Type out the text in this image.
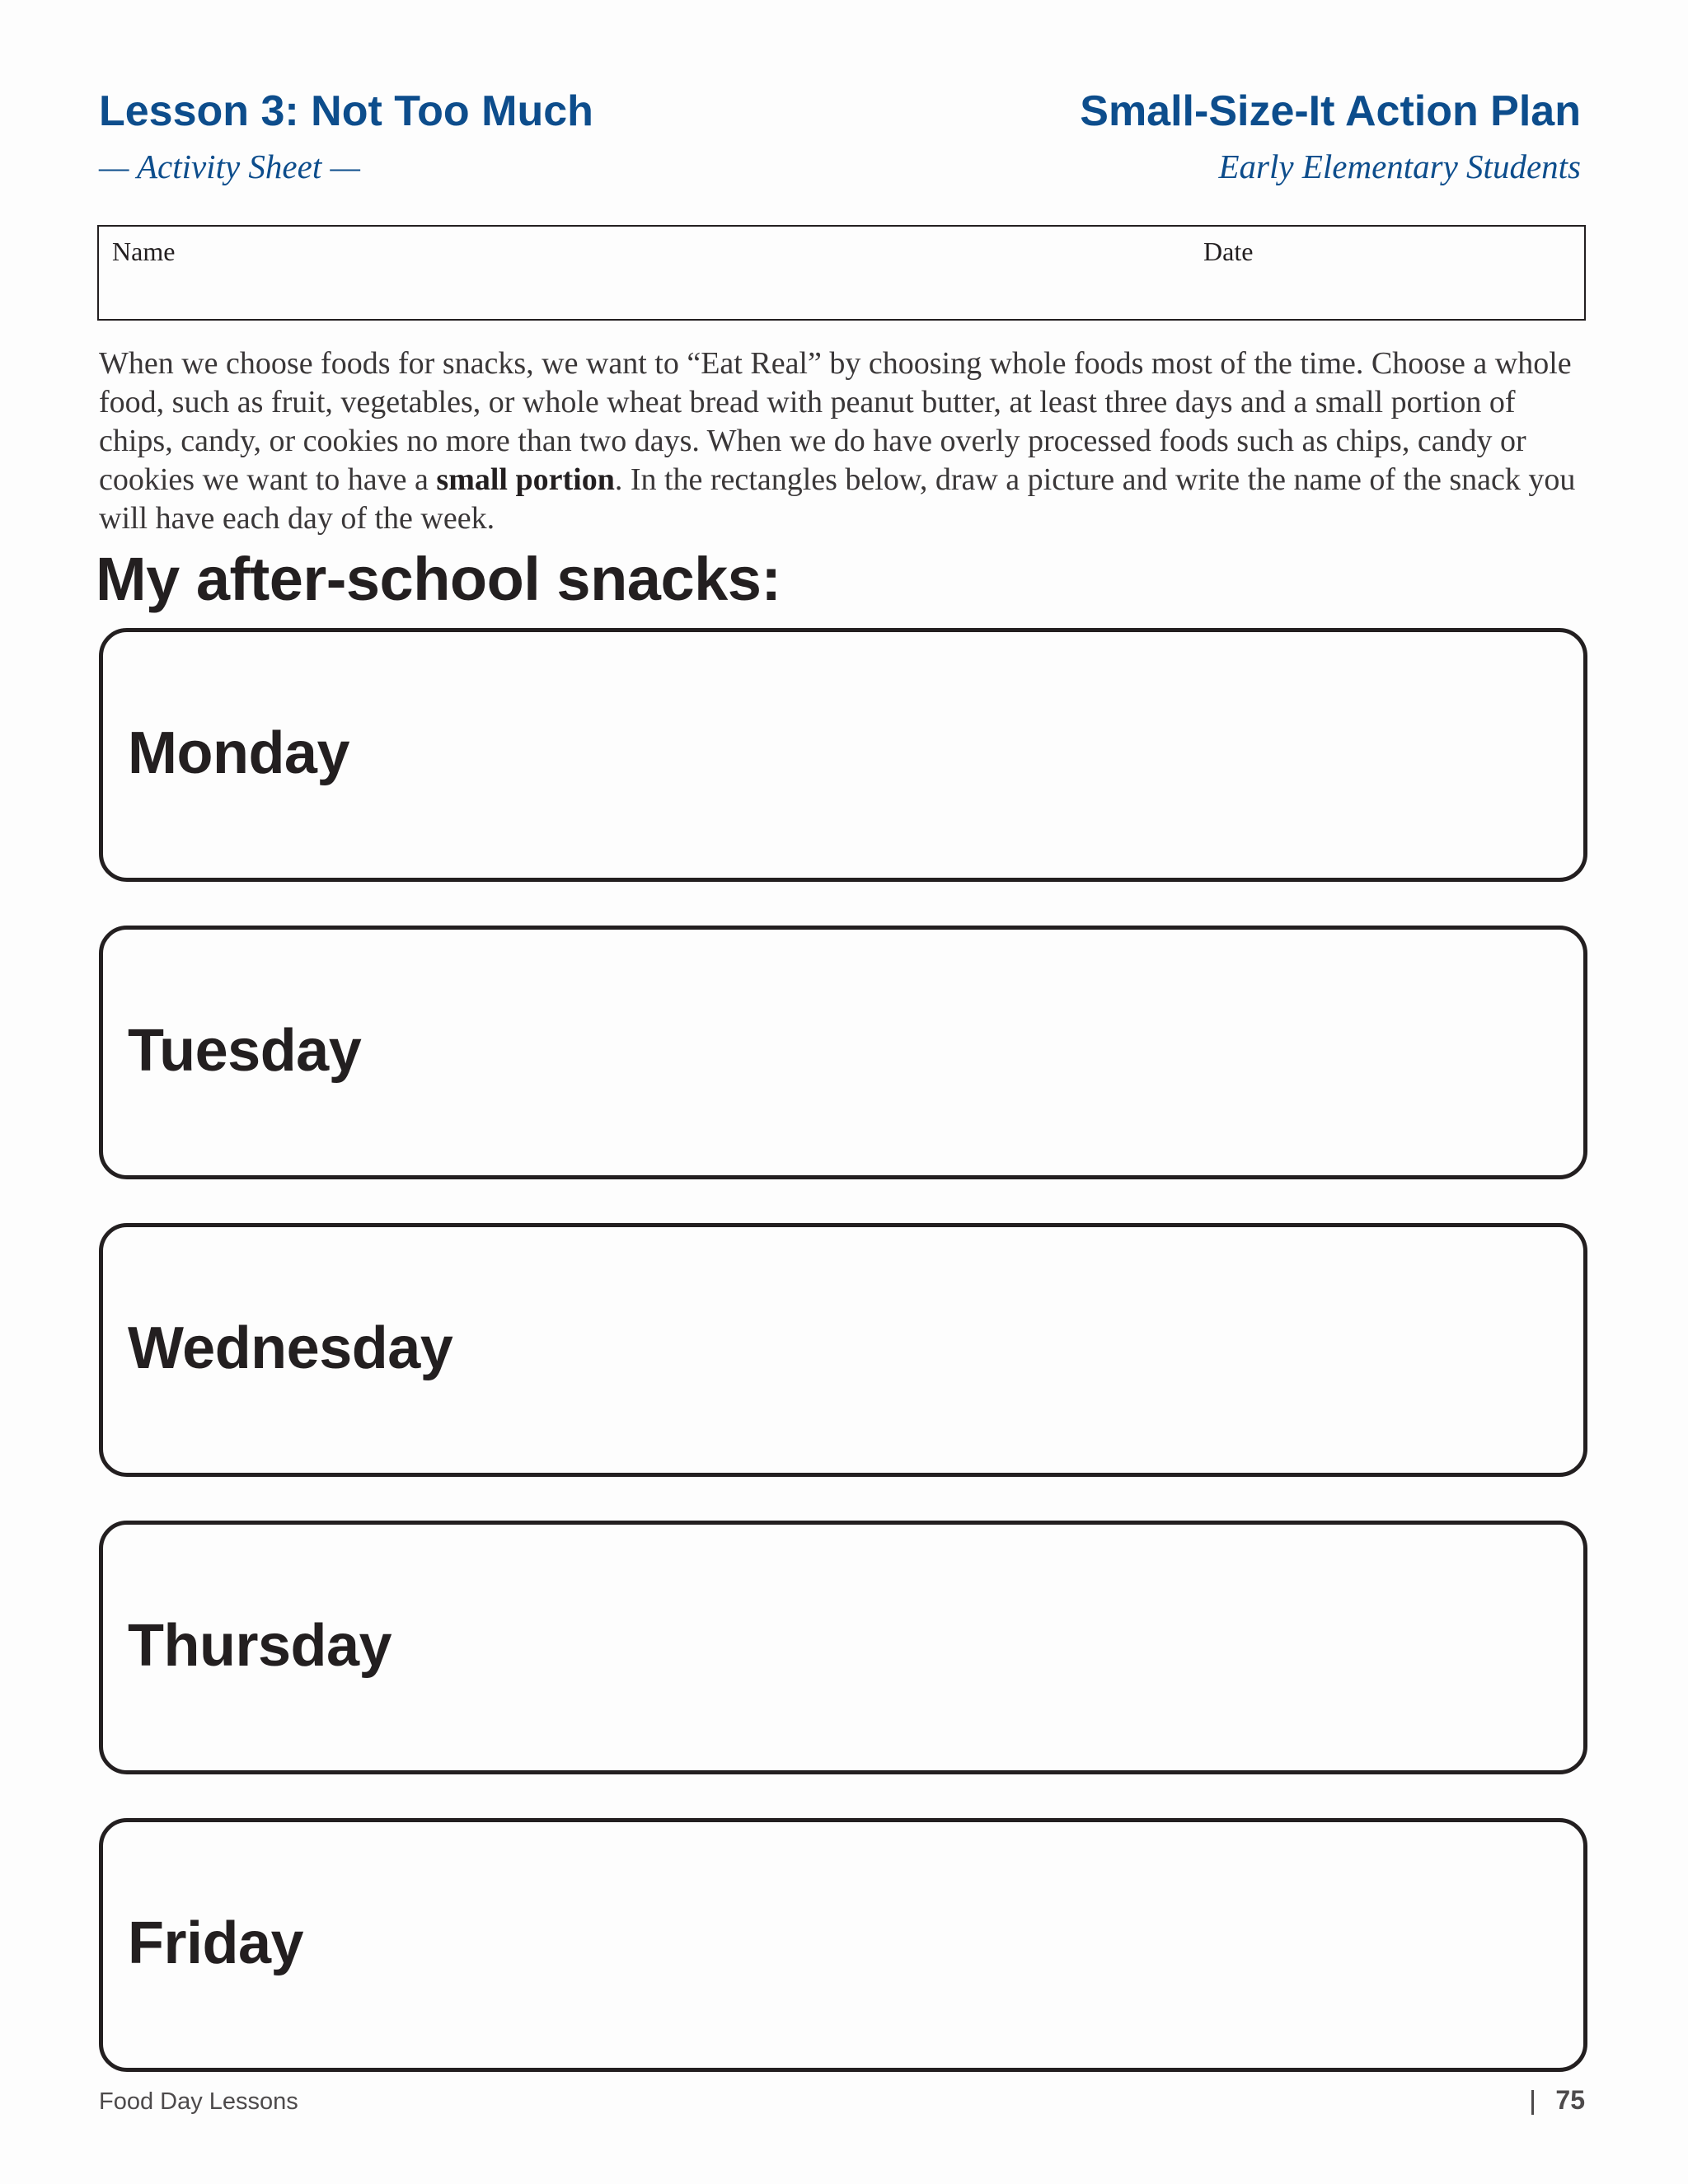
Lesson 3: Not Too Much
— Activity Sheet —
Small-Size-It Action Plan
Early Elementary Students
Name	Date

When we choose foods for snacks, we want to “Eat Real” by choosing whole foods most of the time. Choose a whole food, such as fruit, vegetables, or whole wheat bread with peanut butter, at least three days and a small portion of chips, candy, or cookies no more than two days. When we do have overly processed foods such as chips, candy or cookies we want to have a small portion. In the rectangles below, draw a picture and write the name of the snack you will have each day of the week.

My after-school snacks:
Monday
Tuesday
Wednesday
Thursday
Friday
Food Day Lessons	75
